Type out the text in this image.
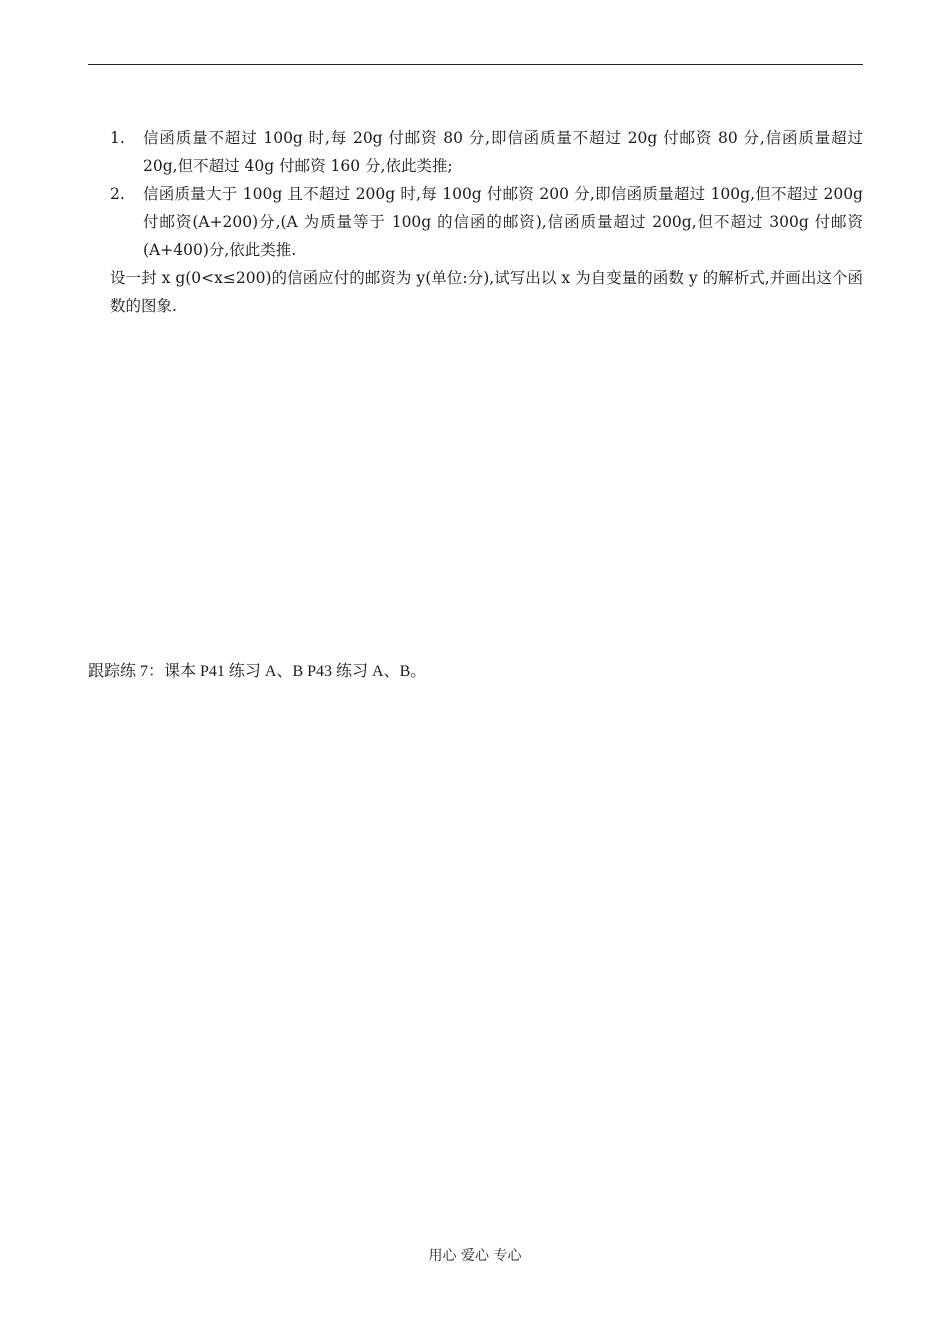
1. 信函质量不超过 100g 时,每 20g 付邮资 80 分,即信函质量不超过 20g 付邮资 80 分,信函质量超过 20g,但不超过 40g 付邮资 160 分,依此类推;
2. 信函质量大于 100g 且不超过 200g 时,每 100g 付邮资 200 分,即信函质量超过 100g,但不超过 200g 付邮资(A+200)分,(A 为质量等于 100g 的信函的邮资),信函质量超过 200g,但不超过 300g 付邮资(A+400)分,依此类推.
设一封 x g(0<x≤200)的信函应付的邮资为 y(单位:分),试写出以 x 为自变量的函数 y 的解析式,并画出这个函数的图象.
跟踪练 7：课本 P41 练习 A、B P43 练习 A、B。
用心 爱心 专心
